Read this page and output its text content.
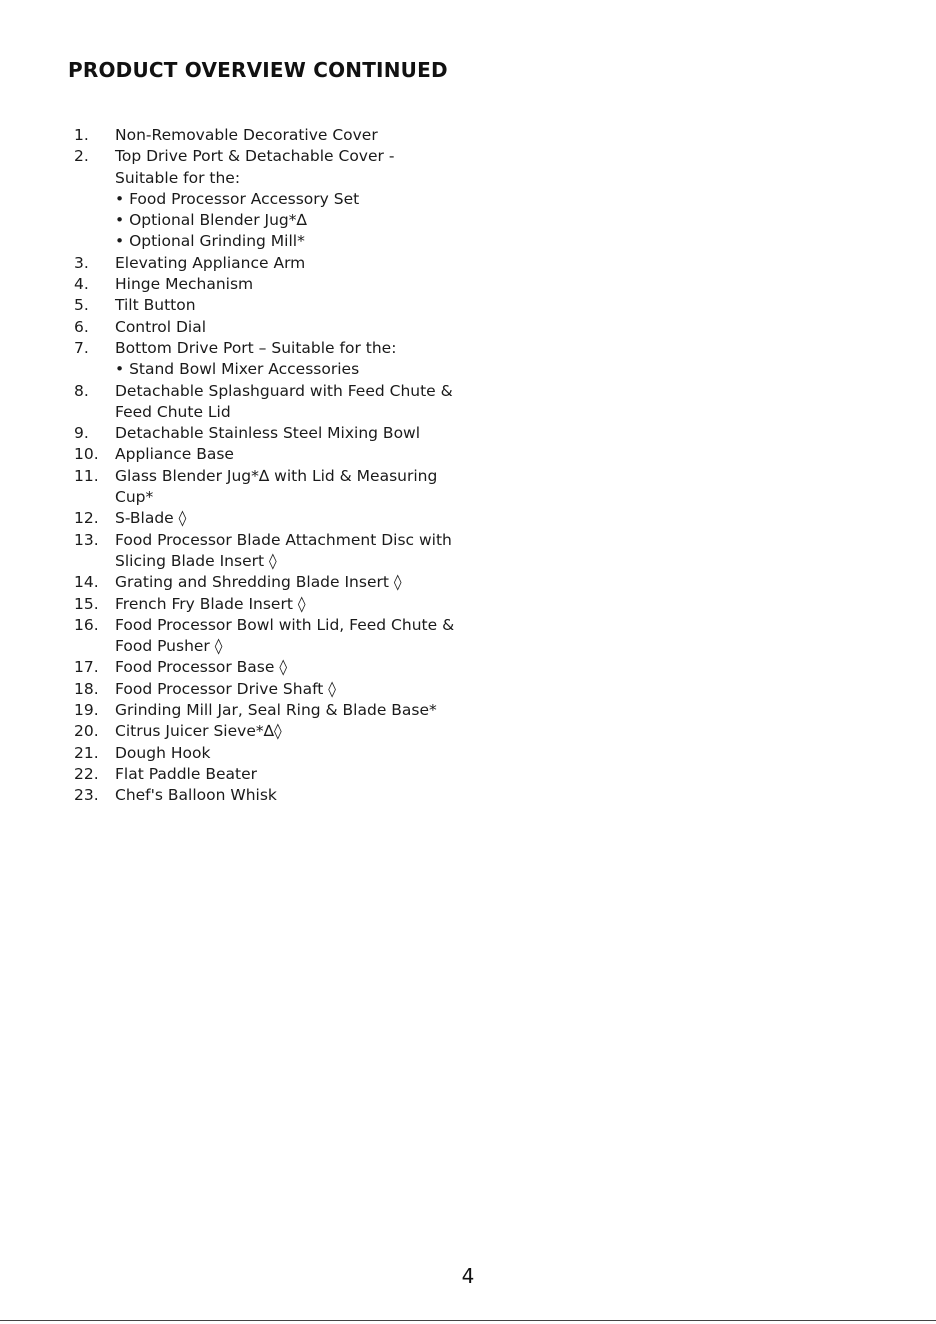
PRODUCT OVERVIEW CONTINUED
1.	Non-Removable Decorative Cover
2.	Top Drive Port & Detachable Cover -
Suitable for the:
• Food Processor Accessory Set
• Optional Blender Jug*∆
• Optional Grinding Mill*
3.	Elevating Appliance Arm
4.	Hinge Mechanism
5.	Tilt Button
6.	Control Dial
7.	Bottom Drive Port – Suitable for the:
• Stand Bowl Mixer Accessories
8.	Detachable Splashguard with Feed Chute &
Feed Chute Lid
9.	Detachable Stainless Steel Mixing Bowl
10.	Appliance Base
11.	Glass Blender Jug*∆ with Lid & Measuring
Cup*
12.	S-Blade ◊
13.	Food Processor Blade Attachment Disc with
Slicing Blade Insert ◊
14.	Grating and Shredding Blade Insert ◊
15.	French Fry Blade Insert ◊
16.	Food Processor Bowl with Lid, Feed Chute &
Food Pusher ◊
17.	Food Processor Base ◊
18.	Food Processor Drive Shaft ◊
19.	Grinding Mill Jar, Seal Ring & Blade Base*
20.	Citrus Juicer Sieve*∆◊
21.	Dough Hook
22.	Flat Paddle Beater
23.	Chef's Balloon Whisk
4
